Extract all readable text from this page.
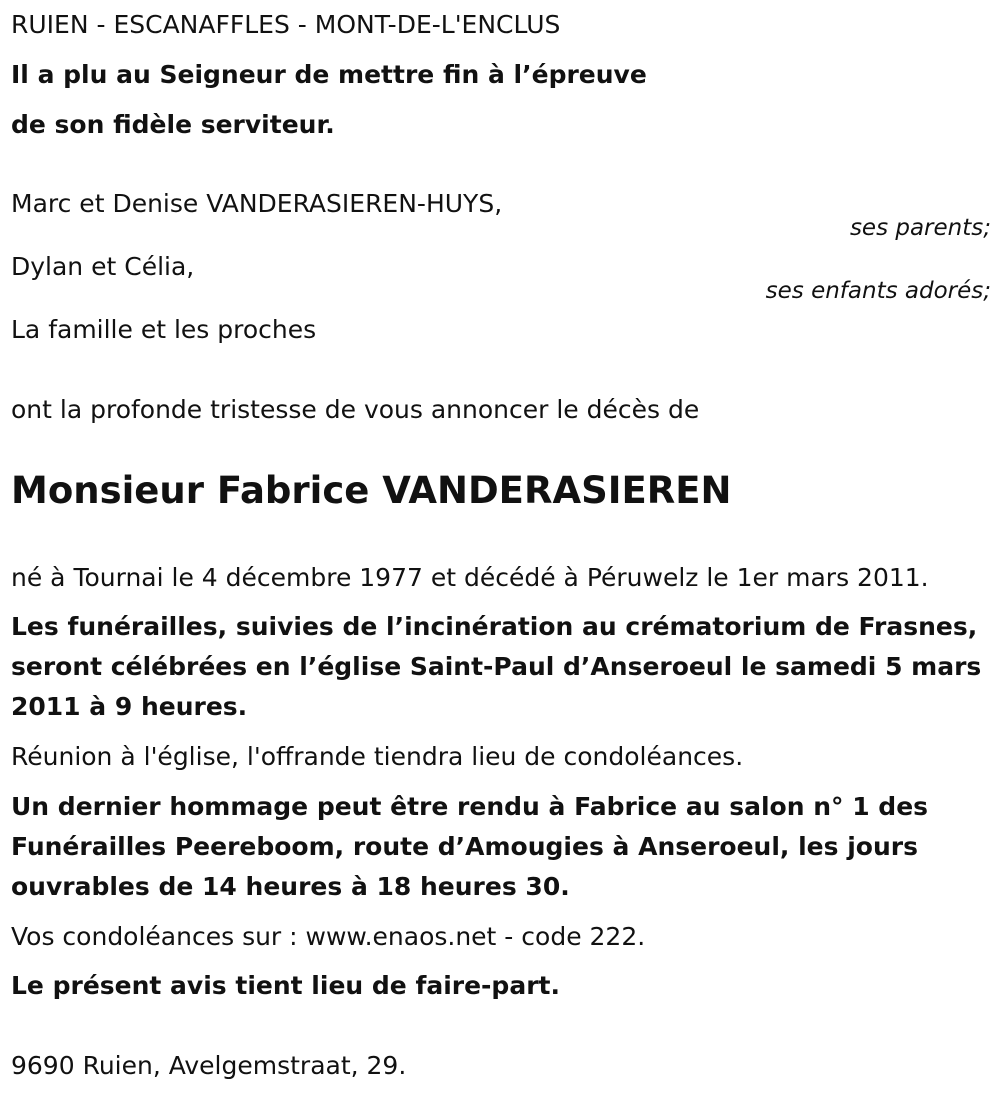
RUIEN - ESCANAFFLES - MONT-DE-L'ENCLUS
Il a plu au Seigneur de mettre fin à l’épreuve
de son fidèle serviteur.
Marc et Denise VANDERASIEREN-HUYS,
ses parents;
Dylan et Célia,
ses enfants adorés;
La famille et les proches
ont la profonde tristesse de vous annoncer le décès de
Monsieur Fabrice VANDERASIEREN
né à Tournai le 4 décembre 1977 et décédé à Péruwelz le 1er mars 2011.
Les funérailles, suivies de l’incinération au crématorium de Frasnes, seront célébrées en l’église Saint-Paul d’Anseroeul le samedi 5 mars 2011 à 9 heures.
Réunion à l'église, l'offrande tiendra lieu de condoléances.
Un dernier hommage peut être rendu à Fabrice au salon n° 1 des Funérailles Peereboom, route d’Amougies à Anseroeul, les jours ouvrables de 14 heures à 18 heures 30.
Vos condoléances sur : www.enaos.net - code 222.
Le présent avis tient lieu de faire-part.
9690 Ruien, Avelgemstraat, 29.
